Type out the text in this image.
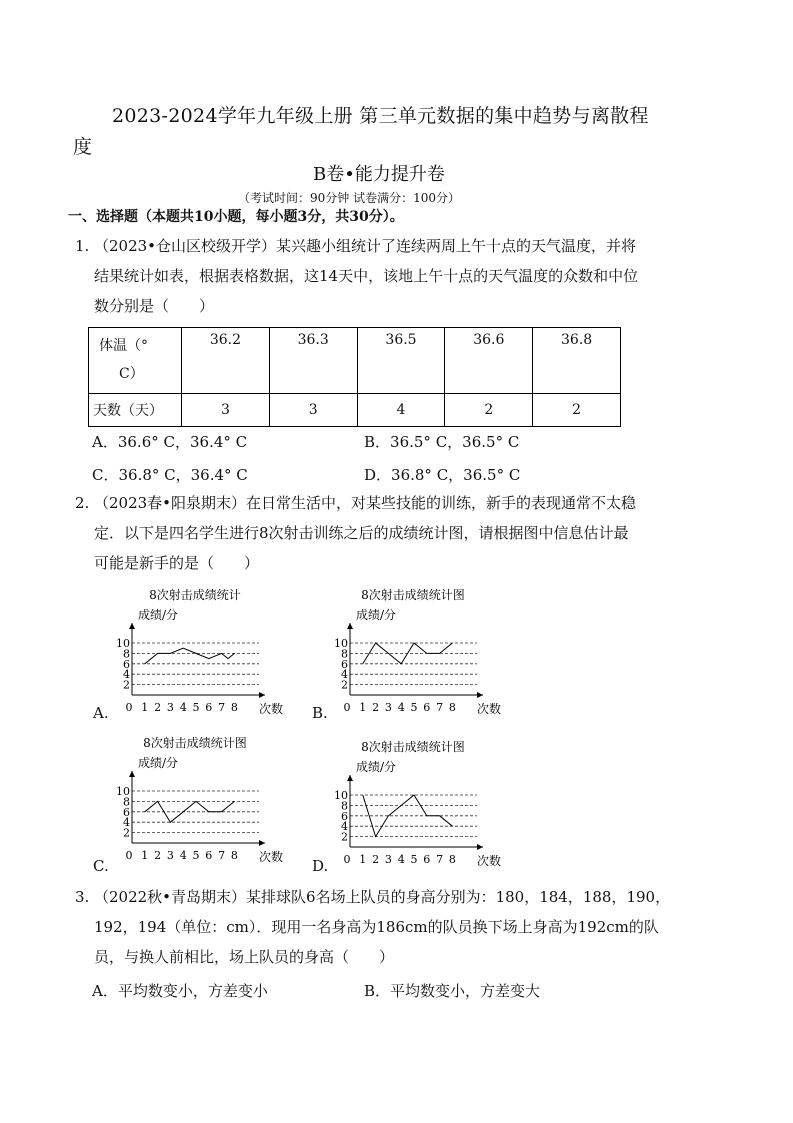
2023-2024学年九年级上册 第三单元数据的集中趋势与离散程
度
B卷•能力提升卷
（考试时间：90分钟 试卷满分：100分）
一、选择题（本题共10小题，每小题3分，共30分）。
1. （2023•仓山区校级开学）某兴趣小组统计了连续两周上午十点的天气温度，并将
结果统计如表，根据表格数据，这14天中，该地上午十点的天气温度的众数和中位
数分别是（　　）
体温（°
C）	36.2	36.3	36.5	36.6	36.8
天数（天）	3	3	4	2	2
A．36.6° C，36.4° C	B．36.5° C，36.5° C
C．36.8° C，36.4° C	D．36.8° C，36.5° C
2. （2023春•阳泉期末）在日常生活中，对某些技能的训练，新手的表现通常不太稳
定．以下是四名学生进行8次射击训练之后的成绩统计图，请根据图中信息估计最
可能是新手的是（　　）
A.
8次射击成绩统计
成绩/分
10
8
6
4
2
0 1 2 3 4 5 6 7 8 次数 B.
8次射击成绩统计图
成绩/分
10
8
6
4
2
0 1 2 3 4 5 6 7 8 次数
C.
8次射击成绩统计图
成绩/分
10
8
6
4
2
0 1 2 3 4 5 6 7 8 次数 D.
8次射击成绩统计图
成绩/分
10
8
6
4
2
0 1 2 3 4 5 6 7 8 次数
3. （2022秋•青岛期末）某排球队6名场上队员的身高分别为：180，184，188，190，
192，194（单位：cm）．现用一名身高为186cm的队员换下场上身高为192cm的队
员，与换人前相比，场上队员的身高（　　）
A．平均数变小，方差变小	B．平均数变小，方差变大
